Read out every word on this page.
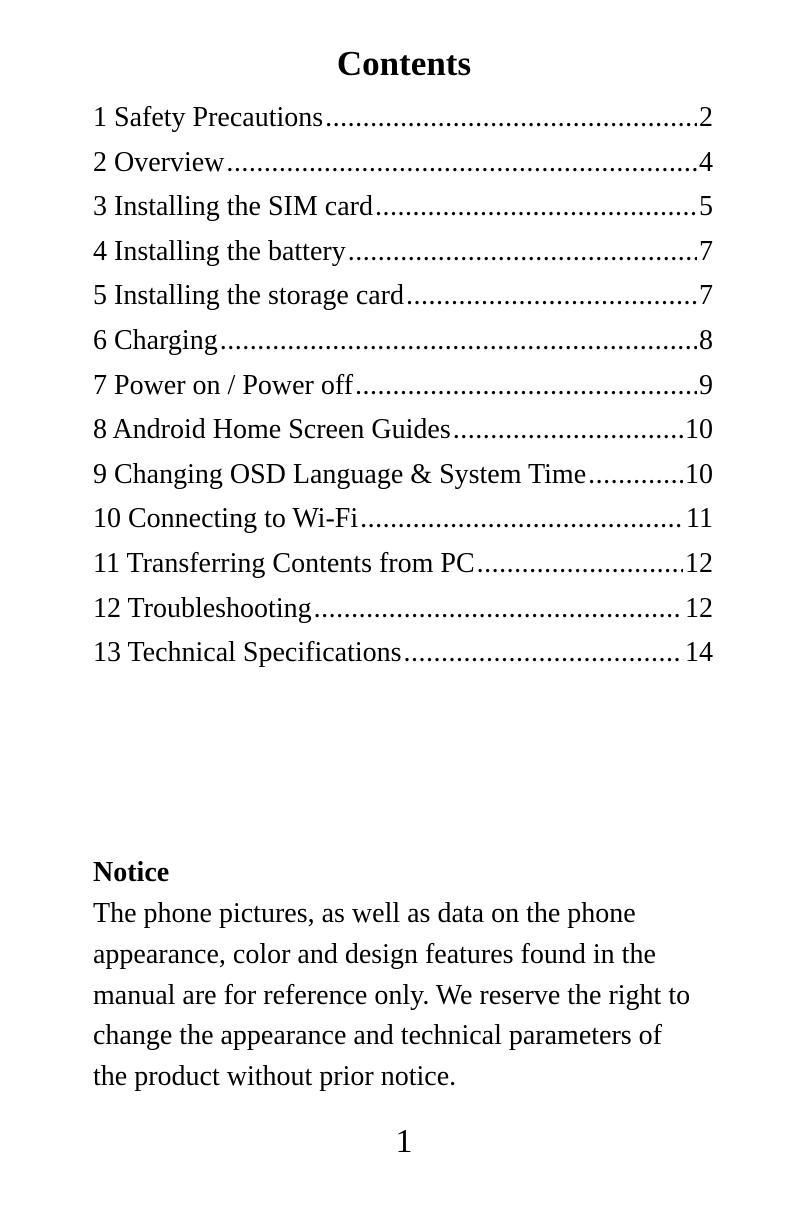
Contents
1 Safety Precautions .....	2
2 Overview .....	4
3 Installing the SIM card .....	5
4 Installing the battery .....	7
5 Installing the storage card .....	7
6 Charging .....	8
7 Power on / Power off .....	9
8 Android Home Screen Guides .....	10
9 Changing OSD Language & System Time .....	10
10 Connecting to Wi-Fi .....	11
11 Transferring Contents from PC .....	12
12 Troubleshooting .....	12
13 Technical Specifications .....	14

Notice

The phone pictures, as well as data on the phone appearance, color and design features found in the manual are for reference only. We reserve the right to change the appearance and technical parameters of the product without prior notice.

1
